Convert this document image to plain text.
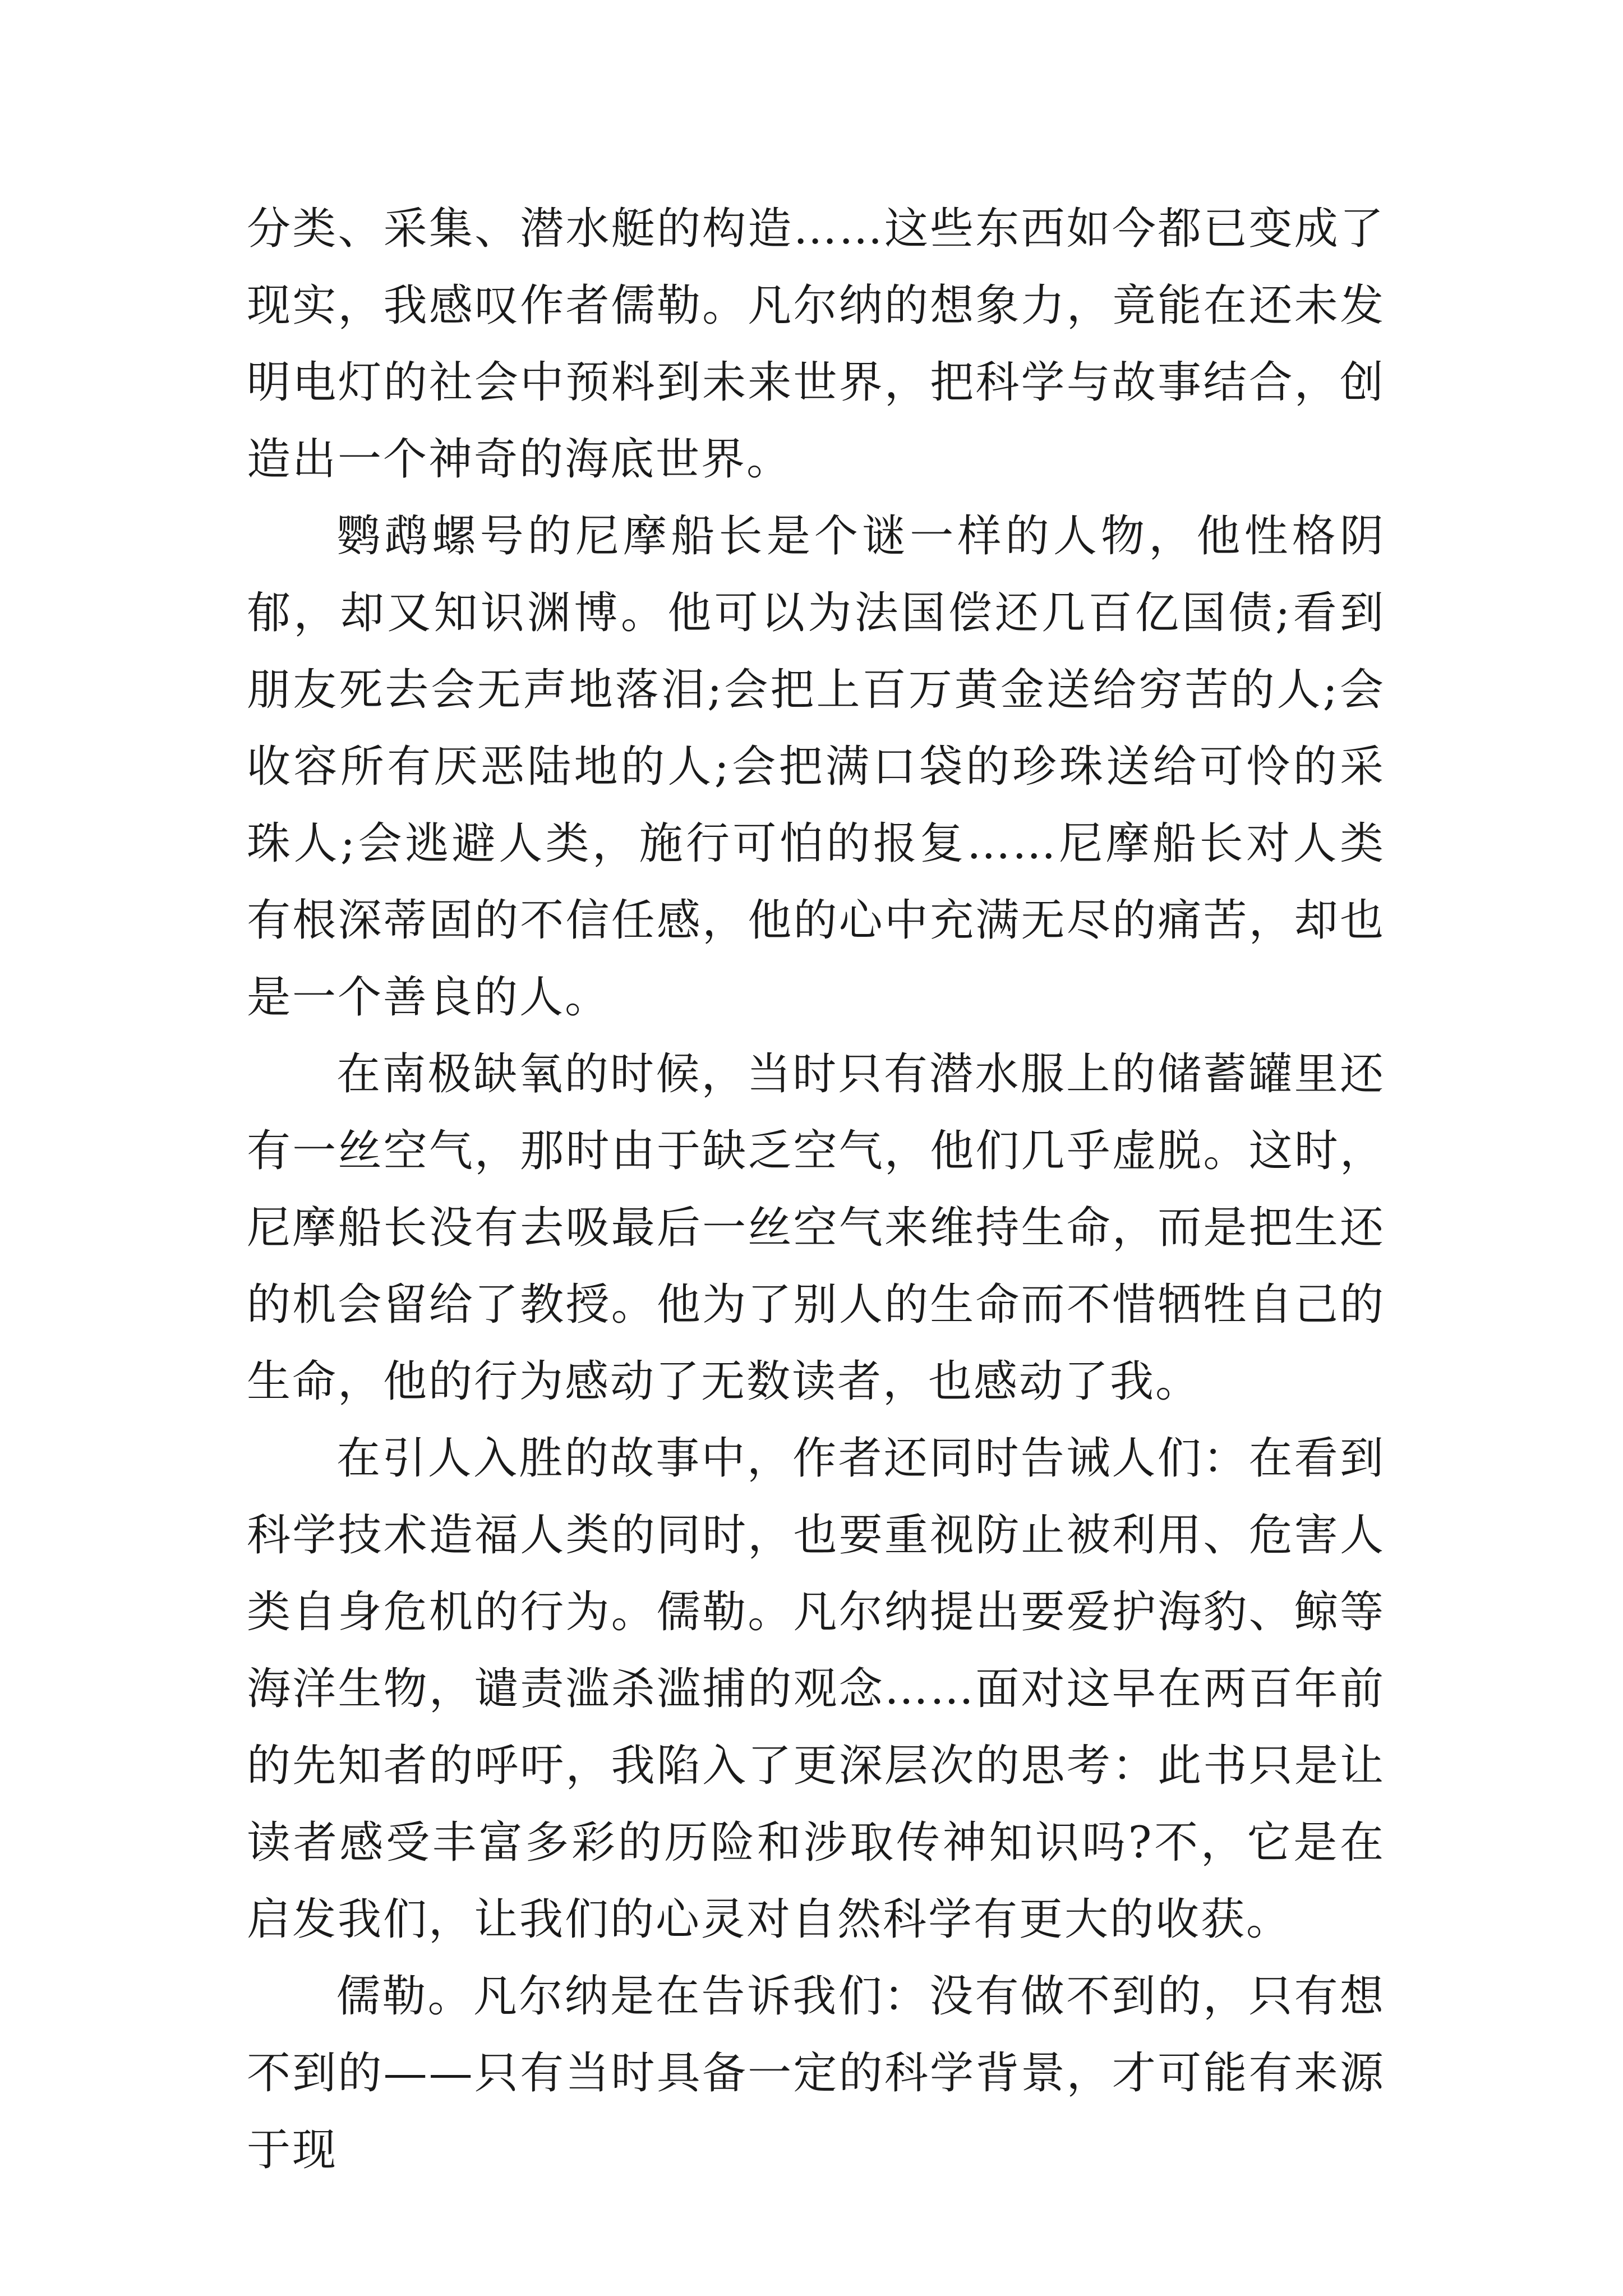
分类、采集、潜水艇的构造……这些东西如今都已变成了现实，我感叹作者儒勒。凡尔纳的想象力，竟能在还未发明电灯的社会中预料到未来世界，把科学与故事结合，创造出一个神奇的海底世界。

鹦鹉螺号的尼摩船长是个谜一样的人物，他性格阴郁，却又知识渊博。他可以为法国偿还几百亿国债;看到朋友死去会无声地落泪;会把上百万黄金送给穷苦的人;会收容所有厌恶陆地的人;会把满口袋的珍珠送给可怜的采珠人;会逃避人类，施行可怕的报复……尼摩船长对人类有根深蒂固的不信任感，他的心中充满无尽的痛苦，却也是一个善良的人。

在南极缺氧的时候，当时只有潜水服上的储蓄罐里还有一丝空气，那时由于缺乏空气，他们几乎虚脱。这时，尼摩船长没有去吸最后一丝空气来维持生命，而是把生还的机会留给了教授。他为了别人的生命而不惜牺牲自己的生命，他的行为感动了无数读者，也感动了我。

在引人入胜的故事中，作者还同时告诫人们：在看到科学技术造福人类的同时，也要重视防止被利用、危害人类自身危机的行为。儒勒。凡尔纳提出要爱护海豹、鲸等海洋生物，谴责滥杀滥捕的观念……面对这早在两百年前的先知者的呼吁，我陷入了更深层次的思考：此书只是让读者感受丰富多彩的历险和涉取传神知识吗?不，它是在启发我们，让我们的心灵对自然科学有更大的收获。

儒勒。凡尔纳是在告诉我们：没有做不到的，只有想不到的——只有当时具备一定的科学背景，才可能有来源于现
